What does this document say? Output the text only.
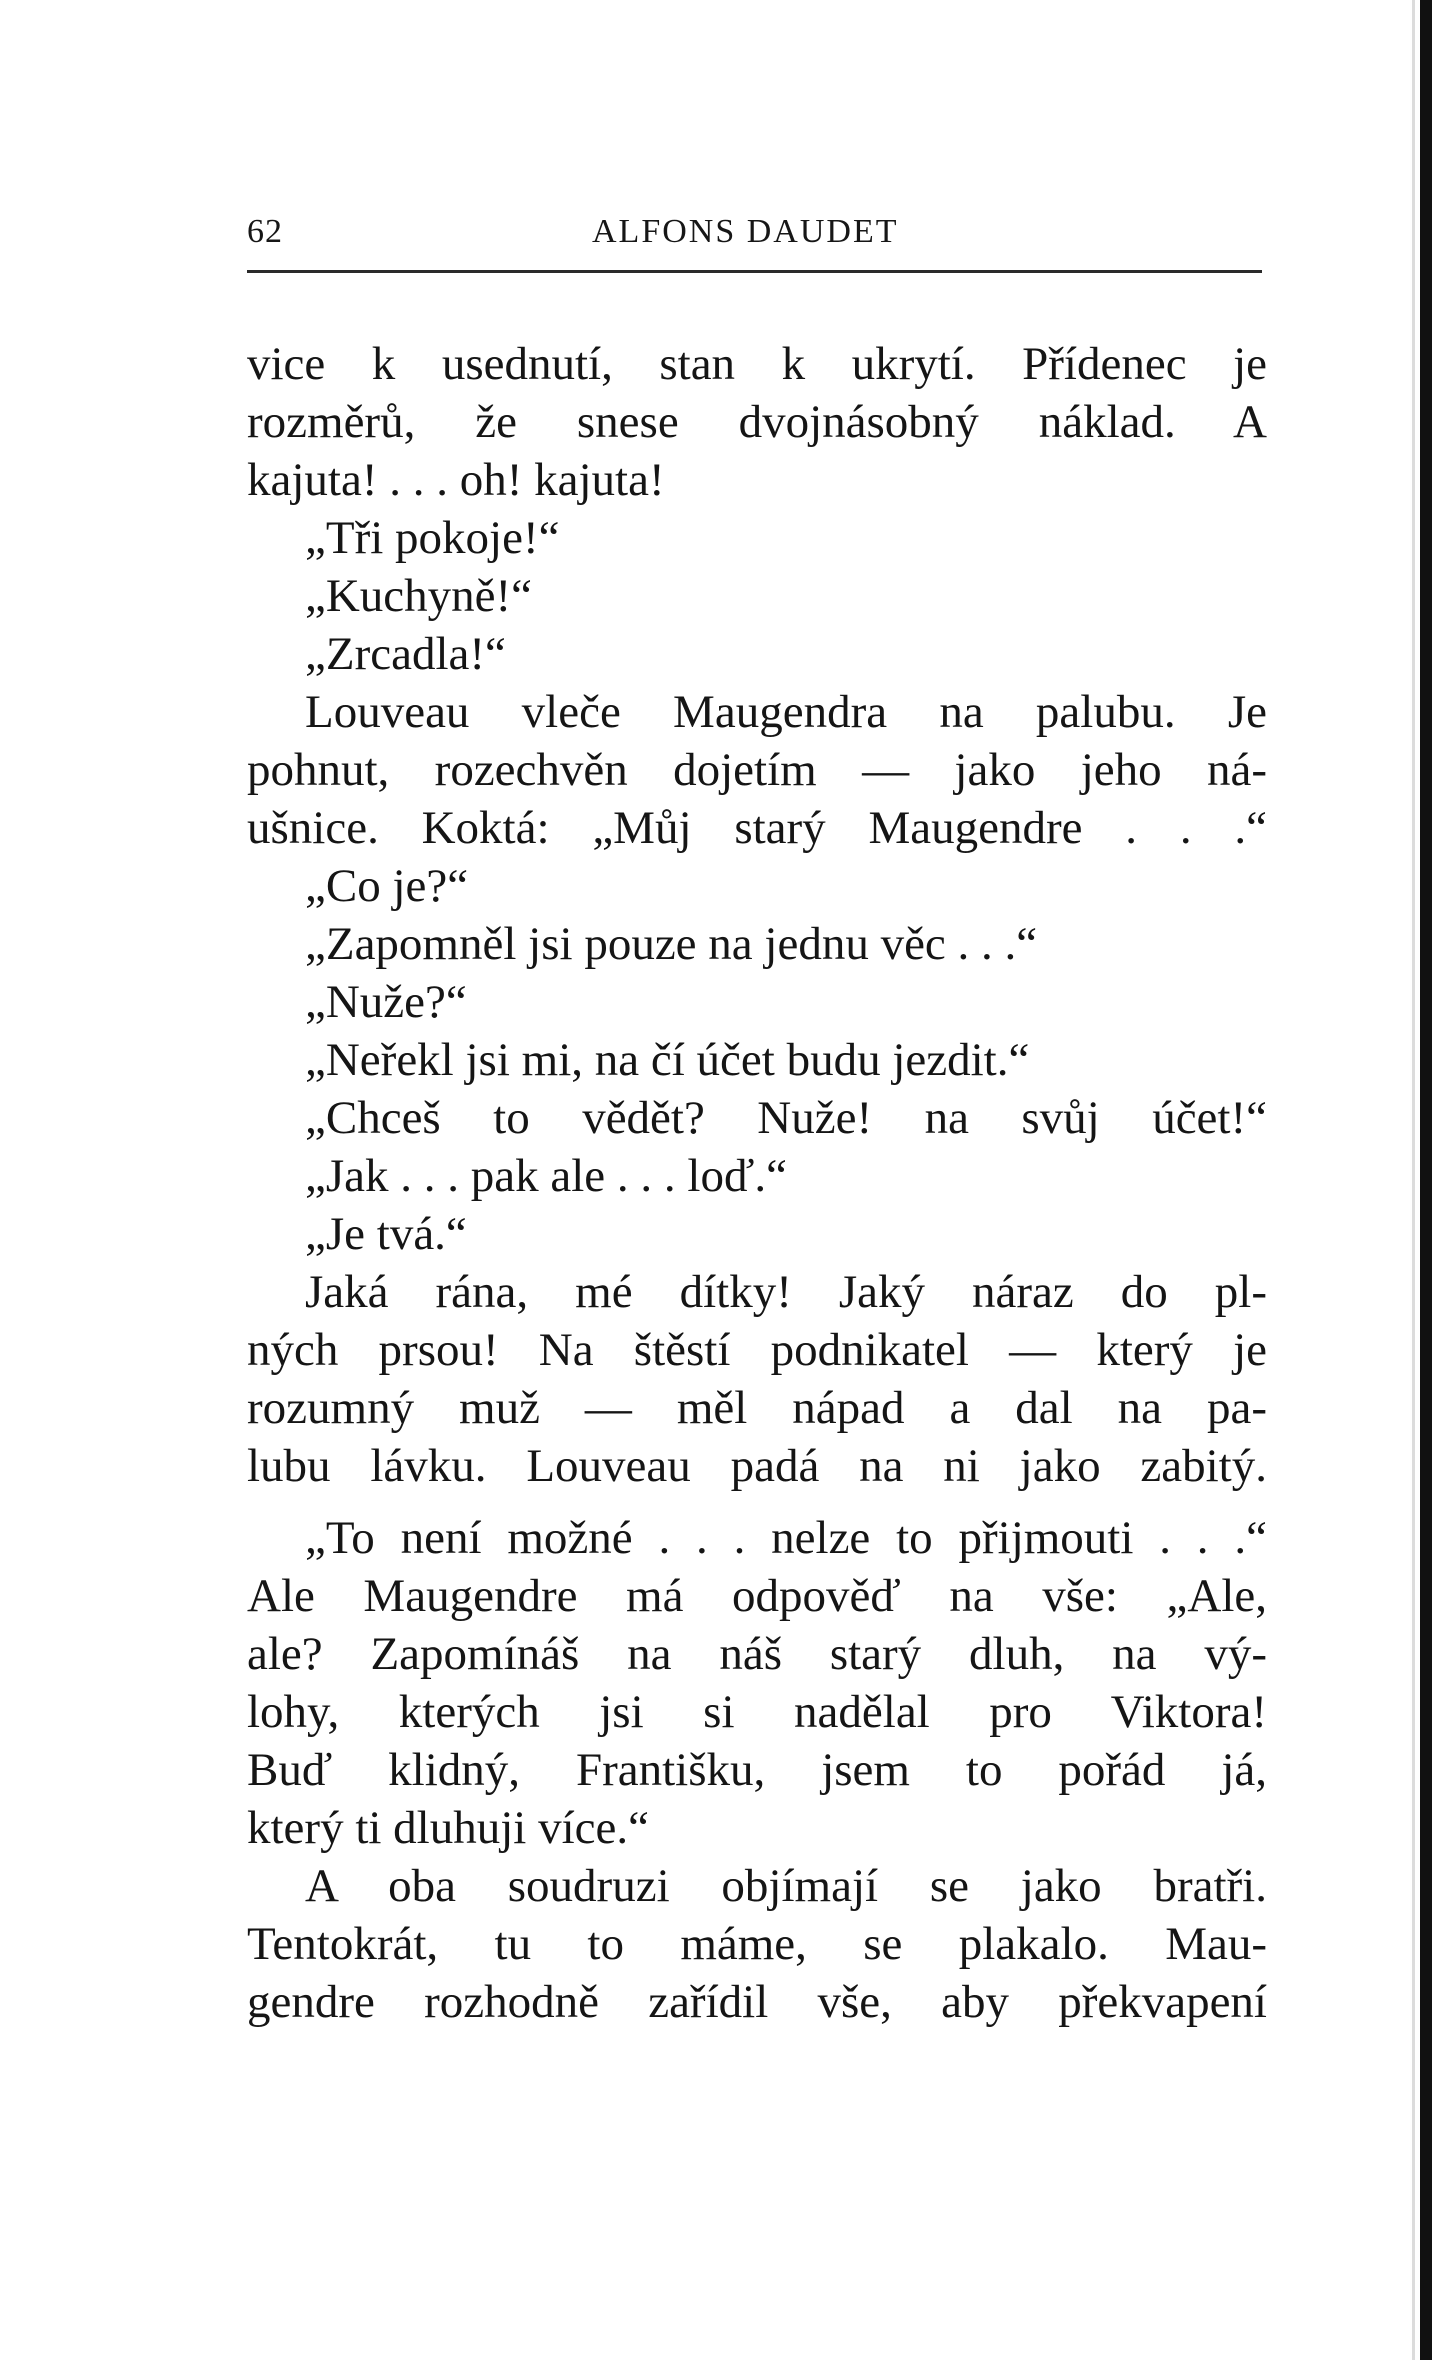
62	ALFONS DAUDET
vice k usednutí, stan k ukrytí. Přídenec je
rozměrů, že snese dvojnásobný náklad. A
kajuta! . . . oh! kajuta!
„Tři pokoje!“
„Kuchyně!“
„Zrcadla!“
Louveau vleče Maugendra na palubu. Je
pohnut, rozechvěn dojetím — jako jeho ná-
ušnice. Koktá: „Můj starý Maugendre . . .“
„Co je?“
„Zapomněl jsi pouze na jednu věc . . .“
„Nuže?“
„Neřekl jsi mi, na čí účet budu jezdit.“
„Chceš to vědět? Nuže! na svůj účet!“
„Jak . . . pak ale . . . loď.“
„Je tvá.“
Jaká rána, mé dítky! Jaký náraz do pl-
ných prsou! Na štěstí podnikatel — který je
rozumný muž — měl nápad a dal na pa-
lubu lávku. Louveau padá na ni jako zabitý.
„To není možné . . . nelze to přijmouti . . .“
Ale Maugendre má odpověď na vše: „Ale,
ale? Zapomínáš na náš starý dluh, na vý-
lohy, kterých jsi si nadělal pro Viktora!
Buď klidný, Františku, jsem to pořád já,
který ti dluhuji více.“
A oba soudruzi objímají se jako bratři.
Tentokrát, tu to máme, se plakalo. Mau-
gendre rozhodně zařídil vše, aby překvapení
